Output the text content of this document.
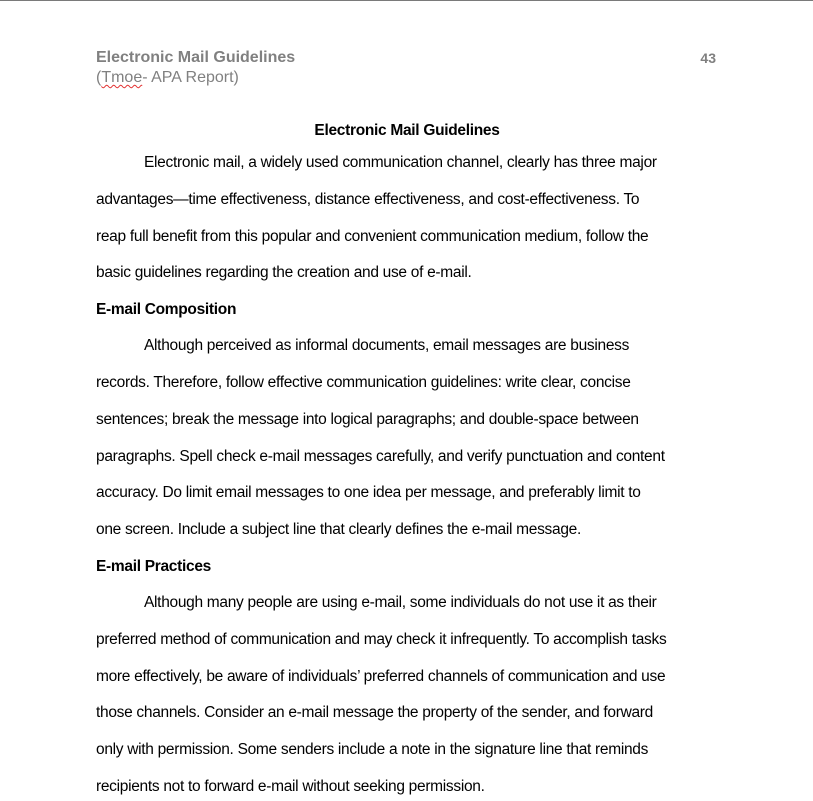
Electronic Mail Guidelines
(Tmoe- APA Report)
43

Electronic Mail Guidelines

Electronic mail, a widely used communication channel, clearly has three major
advantages—time effectiveness, distance effectiveness, and cost-effectiveness. To
reap full benefit from this popular and convenient communication medium, follow the
basic guidelines regarding the creation and use of e-mail.

E-mail Composition

Although perceived as informal documents, email messages are business
records. Therefore, follow effective communication guidelines: write clear, concise
sentences; break the message into logical paragraphs; and double-space between
paragraphs. Spell check e-mail messages carefully, and verify punctuation and content
accuracy. Do limit email messages to one idea per message, and preferably limit to
one screen. Include a subject line that clearly defines the e-mail message.

E-mail Practices

Although many people are using e-mail, some individuals do not use it as their
preferred method of communication and may check it infrequently. To accomplish tasks
more effectively, be aware of individuals’ preferred channels of communication and use
those channels. Consider an e-mail message the property of the sender, and forward
only with permission. Some senders include a note in the signature line that reminds
recipients not to forward e-mail without seeking permission.
